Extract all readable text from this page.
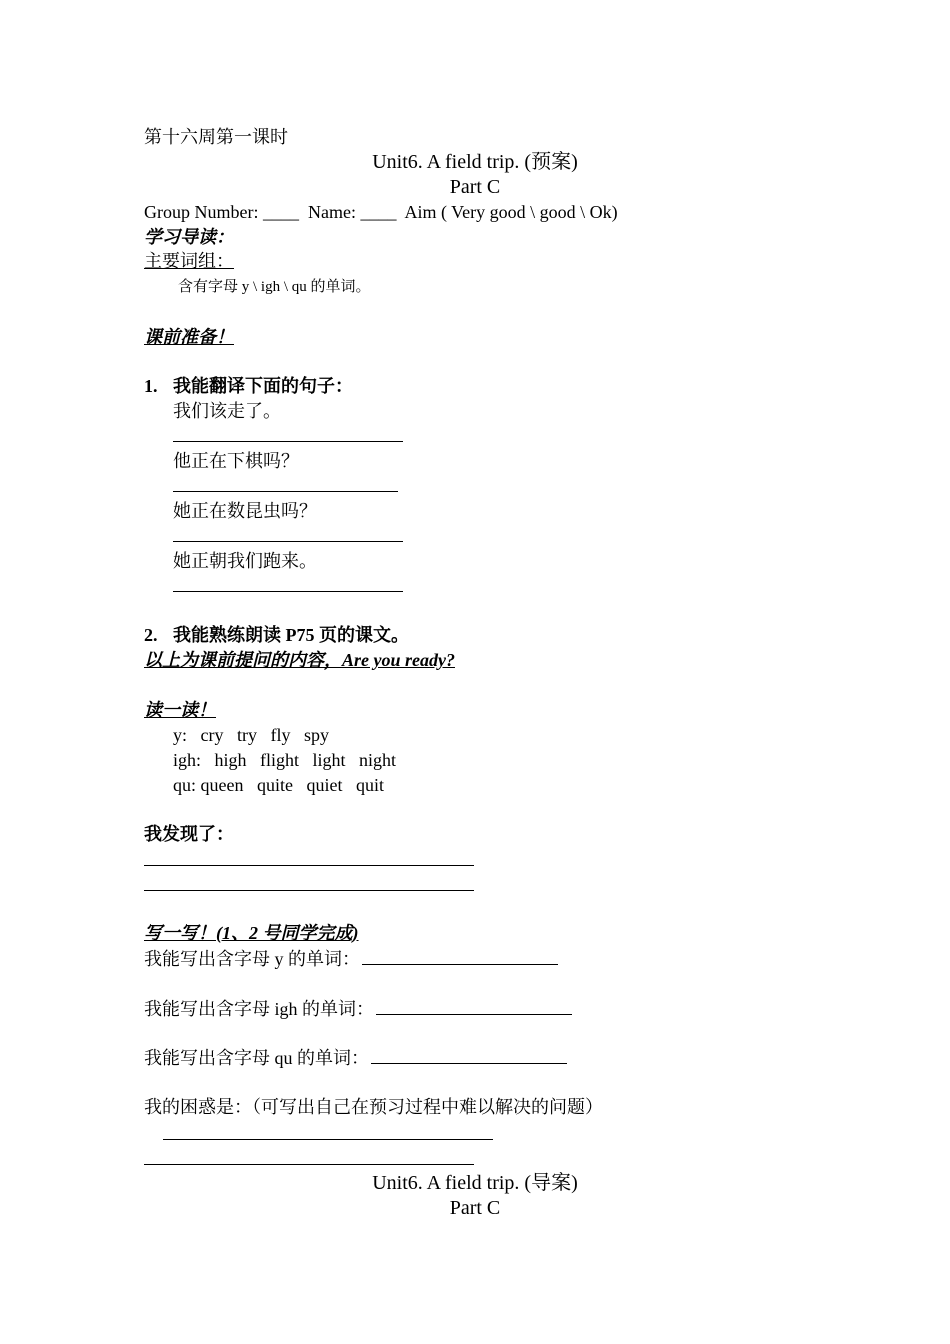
第十六周第一课时
Unit6. A field trip. (预案)
Part C
Group Number: ____  Name: ____  Aim ( Very good \ good \ Ok)
学习导读：
主要词组：
含有字母 y \ igh \ qu 的单词。
课前准备！
1. 我能翻译下面的句子：
我们该走了。
他正在下棋吗？
她正在数昆虫吗？
她正朝我们跑来。
2. 我能熟练朗读 P75 页的课文。
以上为课前提问的内容，Are you ready?
读一读！
y:   cry   try   fly   spy
igh:   high   flight   light   night
qu: queen   quite   quiet   quit
我发现了：
写一写！(1、2 号同学完成)
我能写出含字母 y 的单词：
我能写出含字母 igh 的单词：
我能写出含字母 qu 的单词：
我的困惑是：（可写出自己在预习过程中难以解决的问题）
Unit6. A field trip. (导案)
Part C
